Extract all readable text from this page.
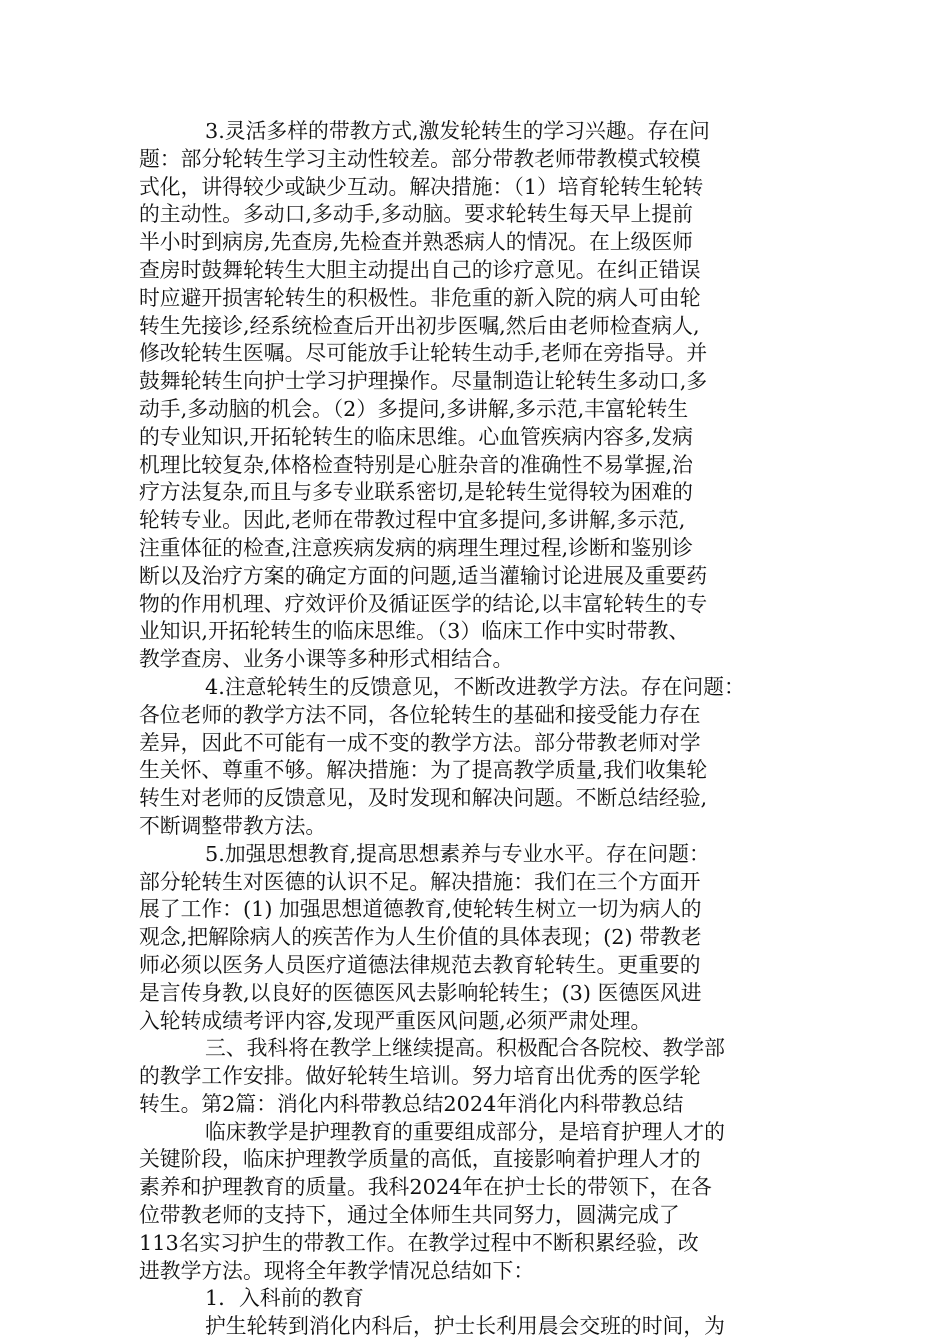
3.灵活多样的带教方式,激发轮转生的学习兴趣。存在问
题：部分轮转生学习主动性较差。部分带教老师带教模式较模
式化，讲得较少或缺少互动。解决措施：（1）培育轮转生轮转
的主动性。多动口,多动手,多动脑。要求轮转生每天早上提前
半小时到病房,先查房,先检查并熟悉病人的情况。在上级医师
查房时鼓舞轮转生大胆主动提出自己的诊疗意见。在纠正错误
时应避开损害轮转生的积极性。非危重的新入院的病人可由轮
转生先接诊,经系统检查后开出初步医嘱,然后由老师检查病人,
修改轮转生医嘱。尽可能放手让轮转生动手,老师在旁指导。并
鼓舞轮转生向护士学习护理操作。尽量制造让轮转生多动口,多
动手,多动脑的机会。（2）多提问,多讲解,多示范,丰富轮转生
的专业知识,开拓轮转生的临床思维。心血管疾病内容多,发病
机理比较复杂,体格检查特别是心脏杂音的准确性不易掌握,治
疗方法复杂,而且与多专业联系密切,是轮转生觉得较为困难的
轮转专业。因此,老师在带教过程中宜多提问,多讲解,多示范,
注重体征的检查,注意疾病发病的病理生理过程,诊断和鉴别诊
断以及治疗方案的确定方面的问题,适当灌输讨论进展及重要药
物的作用机理、疗效评价及循证医学的结论,以丰富轮转生的专
业知识,开拓轮转生的临床思维。（3）临床工作中实时带教、
教学查房、业务小课等多种形式相结合。
4.注意轮转生的反馈意见，不断改进教学方法。存在问题：
各位老师的教学方法不同，各位轮转生的基础和接受能力存在
差异，因此不可能有一成不变的教学方法。部分带教老师对学
生关怀、尊重不够。解决措施：为了提高教学质量,我们收集轮
转生对老师的反馈意见，及时发现和解决问题。不断总结经验,
不断调整带教方法。
5.加强思想教育,提高思想素养与专业水平。存在问题：
部分轮转生对医德的认识不足。解决措施：我们在三个方面开
展了工作：(1) 加强思想道德教育,使轮转生树立一切为病人的
观念,把解除病人的疾苦作为人生价值的具体表现；(2) 带教老
师必须以医务人员医疗道德法律规范去教育轮转生。更重要的
是言传身教,以良好的医德医风去影响轮转生；(3) 医德医风进
入轮转成绩考评内容,发现严重医风问题,必须严肃处理。
三、我科将在教学上继续提高。积极配合各院校、教学部
的教学工作安排。做好轮转生培训。努力培育出优秀的医学轮
转生。第2篇：消化内科带教总结2024年消化内科带教总结
临床教学是护理教育的重要组成部分，是培育护理人才的
关键阶段，临床护理教学质量的高低，直接影响着护理人才的
素养和护理教育的质量。我科2024年在护士长的带领下，在各
位带教老师的支持下，通过全体师生共同努力，圆满完成了
113名实习护生的带教工作。在教学过程中不断积累经验，改
进教学方法。现将全年教学情况总结如下：
1．入科前的教育
护生轮转到消化内科后，护士长利用晨会交班的时间，为
